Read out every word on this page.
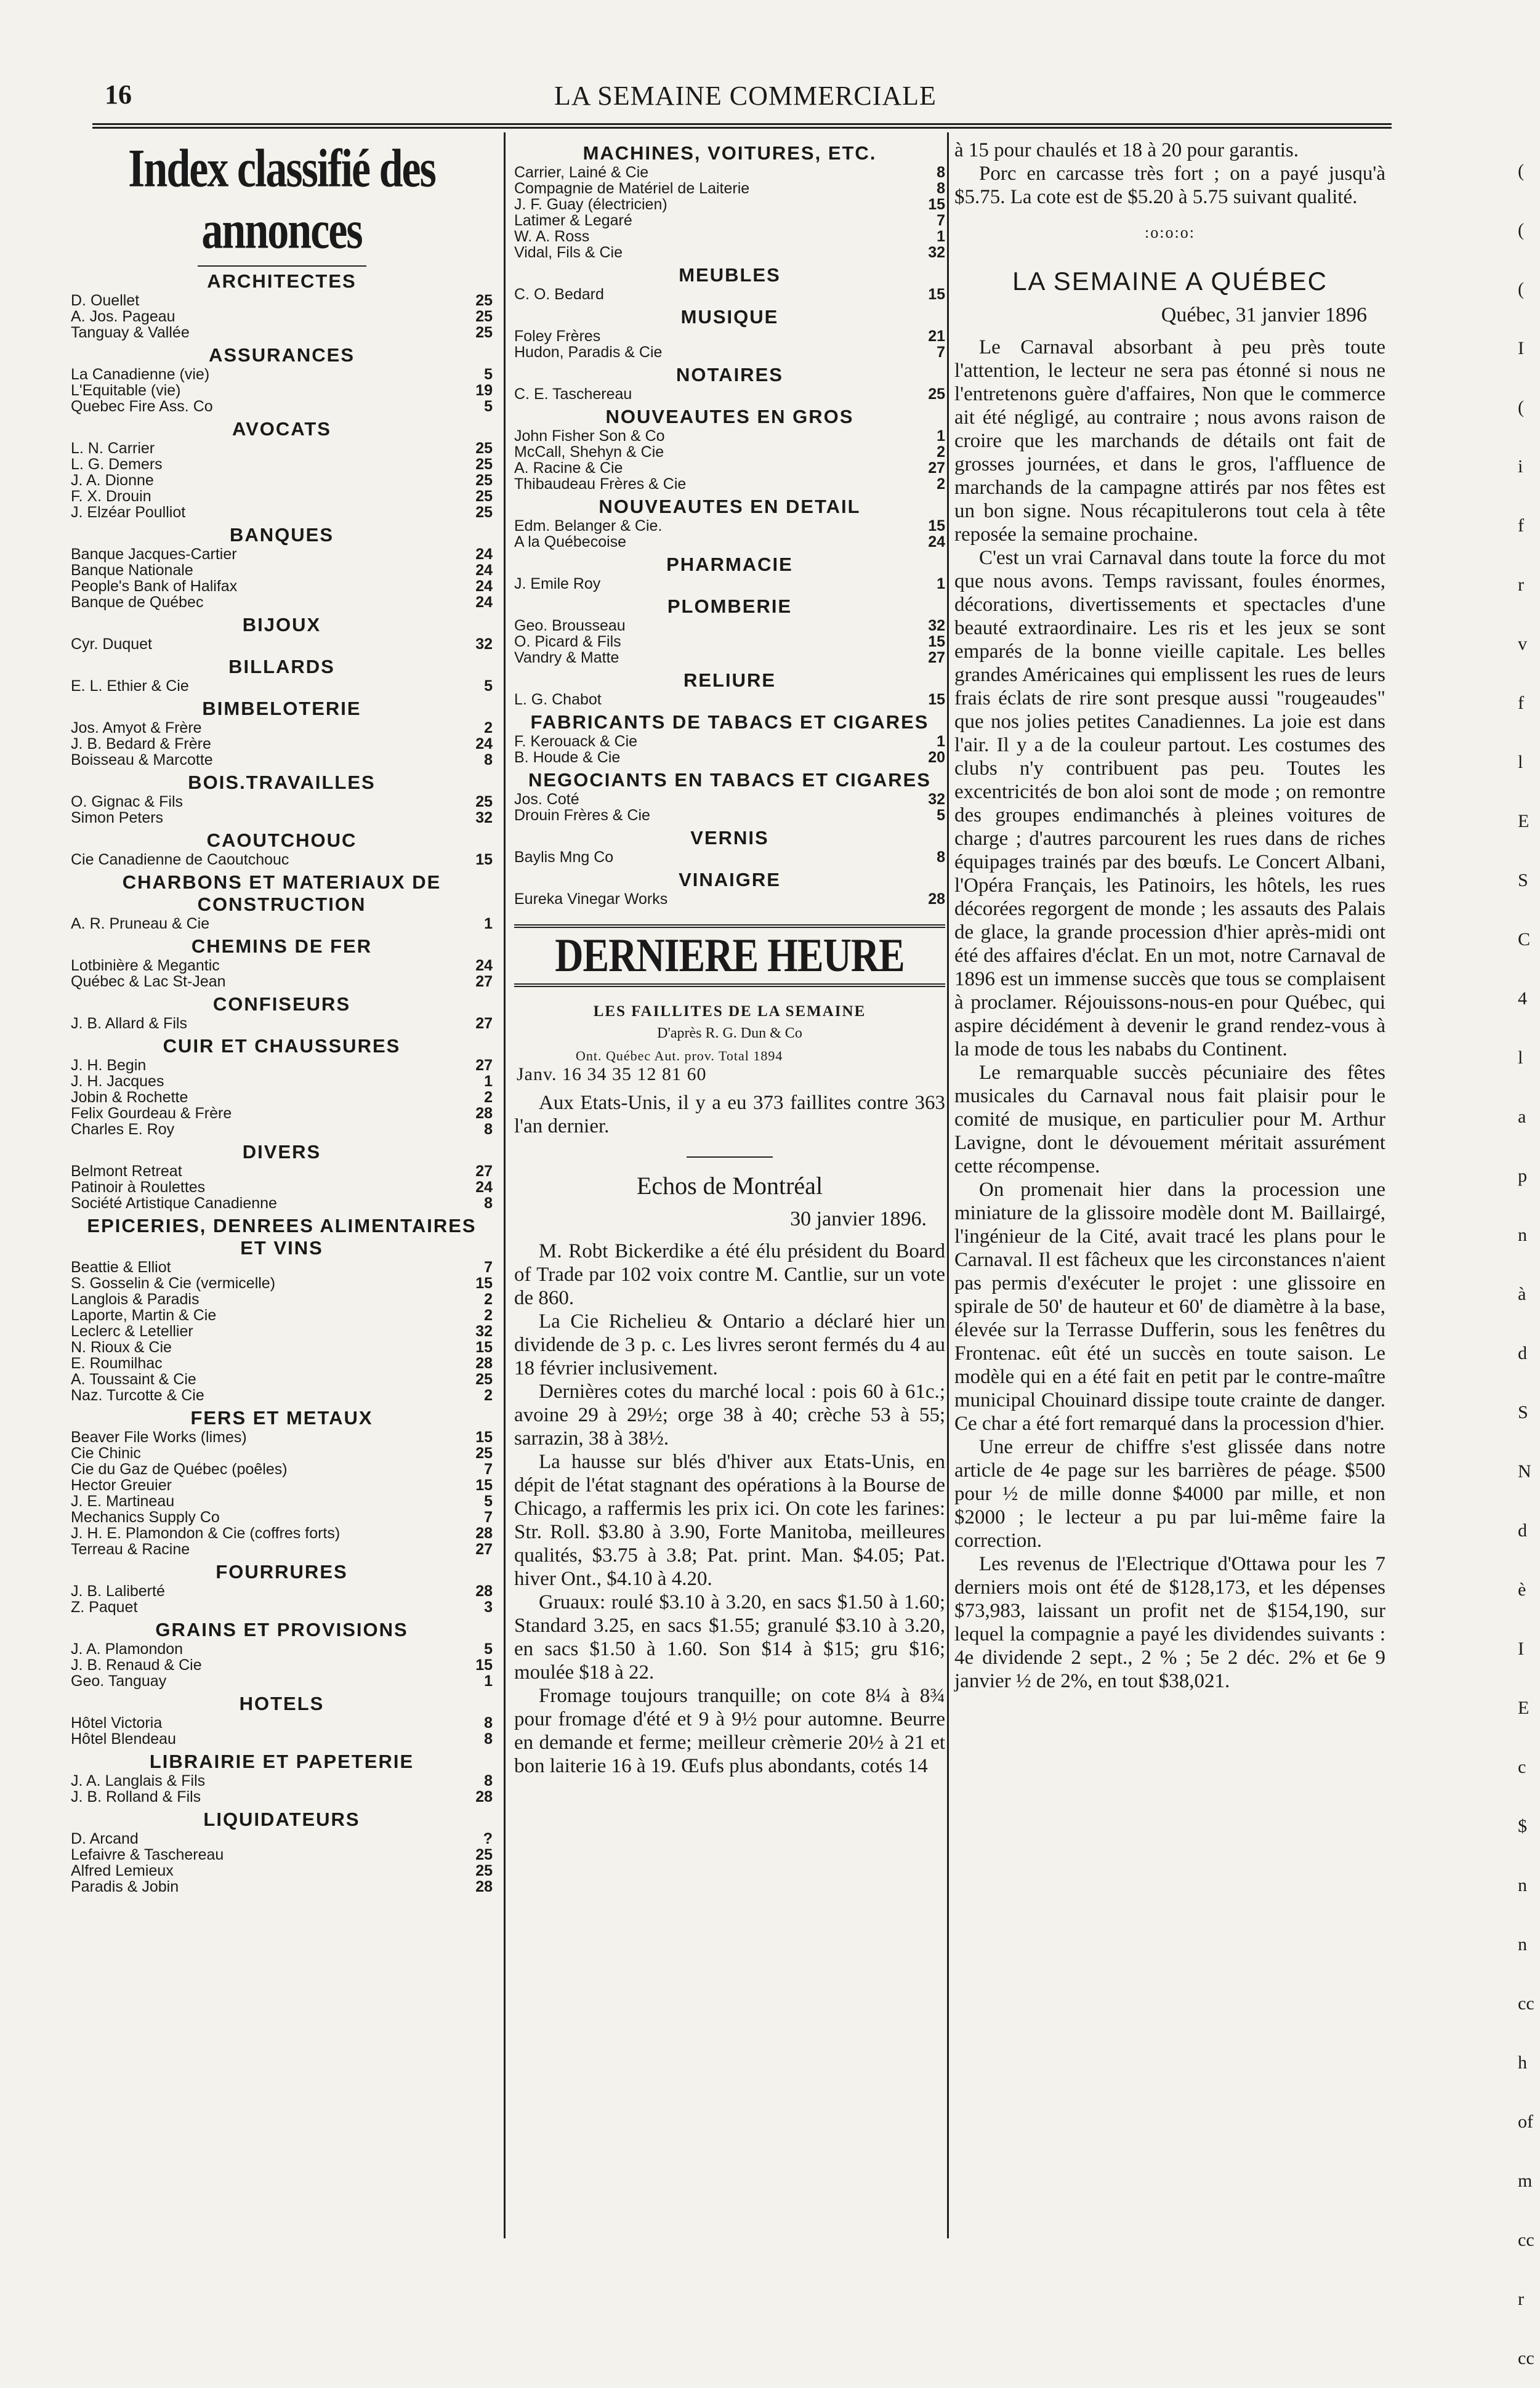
16	LA SEMAINE COMMERCIALE
Index classifié des annonces
ARCHITECTES
D. Ouellet	25
A. Jos. Pageau	25
Tanguay & Vallée	25
ASSURANCES
La Canadienne (vie)	5
L'Equitable (vie)	19
Quebec Fire Ass. Co	5
AVOCATS
L. N. Carrier	25
L. G. Demers	25
J. A. Dionne	25
F. X. Drouin	25
J. Elzéar Poulliot	25
BANQUES
Banque Jacques-Cartier	24
Banque Nationale	24
People's Bank of Halifax	24
Banque de Québec	24
BIJOUX
Cyr. Duquet	32
BILLARDS
E. L. Ethier & Cie	5
BIMBELOTERIE
Jos. Amyot & Frère	2
J. B. Bedard & Frère	24
Boisseau & Marcotte	8
BOIS.TRAVAILLES
O. Gignac & Fils	25
Simon Peters	32
CAOUTCHOUC
Cie Canadienne de Caoutchouc	15
CHARBONS ET MATERIAUX DE CONSTRUCTION
A. R. Pruneau & Cie	1
CHEMINS DE FER
Lotbinière & Megantic	24
Québec & Lac St-Jean	27
CONFISEURS
J. B. Allard & Fils	27
CUIR ET CHAUSSURES
J. H. Begin	27
J. H. Jacques	1
Jobin & Rochette	2
Felix Gourdeau & Frère	28
Charles E. Roy	8
DIVERS
Belmont Retreat	27
Patinoir à Roulettes	24
Société Artistique Canadienne	8
EPICERIES, DENREES ALIMENTAIRES ET VINS
Beattie & Elliot	7
S. Gosselin & Cie (vermicelle)	15
Langlois & Paradis	2
Laporte, Martin & Cie	2
Leclerc & Letellier	32
N. Rioux & Cie	15
E. Roumilhac	28
A. Toussaint & Cie	25
Naz. Turcotte & Cie	2
FERS ET METAUX
Beaver File Works (limes)	15
Cie Chinic	25
Cie du Gaz de Québec (poêles)	7
Hector Greuier	15
J. E. Martineau	5
Mechanics Supply Co	7
J. H. E. Plamondon & Cie (coffres forts)	28
Terreau & Racine	27
FOURRURES
J. B. Laliberté	28
Z. Paquet	3
GRAINS ET PROVISIONS
J. A. Plamondon	5
J. B. Renaud & Cie	15
Geo. Tanguay	1
HOTELS
Hôtel Victoria	8
Hôtel Blendeau	8
LIBRAIRIE ET PAPETERIE
J. A. Langlais & Fils	8
J. B. Rolland & Fils	28
LIQUIDATEURS
D. Arcand	?
Lefaivre & Taschereau	25
Alfred Lemieux	25
Paradis & Jobin	28
MACHINES, VOITURES, ETC.
Carrier, Lainé & Cie	8
Compagnie de Matériel de Laiterie	8
J. F. Guay (électricien)	15
Latimer & Legaré	7
W. A. Ross	1
Vidal, Fils & Cie	32
MEUBLES
C. O. Bedard	15
MUSIQUE
Foley Frères	21
Hudon, Paradis & Cie	7
NOTAIRES
C. E. Taschereau	25
NOUVEAUTES EN GROS
John Fisher Son & Co	1
McCall, Shehyn & Cie	2
A. Racine & Cie	27
Thibaudeau Frères & Cie	2
NOUVEAUTES EN DETAIL
Edm. Belanger & Cie.	15
A la Québecoise	24
PHARMACIE
J. Emile Roy	1
PLOMBERIE
Geo. Brousseau	32
O. Picard & Fils	15
Vandry & Matte	27
RELIURE
L. G. Chabot	15
FABRICANTS DE TABACS ET CIGARES
F. Kerouack & Cie	1
B. Houde & Cie	20
NEGOCIANTS EN TABACS ET CIGARES
Jos. Coté	32
Drouin Frères & Cie	5
VERNIS
Baylis Mng Co	8
VINAIGRE
Eureka Vinegar Works	28
DERNIERE HEURE
LES FAILLITES DE LA SEMAINE
D'après R. G. Dun & Co
Ont. Québec Aut. prov. Total 1894
Janv. 16 34 35 12 81 60

Aux Etats-Unis, il y a eu 373 faillites contre 363 l'an dernier.

Echos de Montréal
30 janvier 1896.

M. Robt Bickerdike a été élu président du Board of Trade par 102 voix contre M. Cantlie, sur un vote de 860.

La Cie Richelieu & Ontario a déclaré hier un dividende de 3 p. c. Les livres seront fermés du 4 au 18 février inclusivement.

Dernières cotes du marché local : pois 60 à 61c.; avoine 29 à 29½; orge 38 à 40; crèche 53 à 55; sarrazin, 38 à 38½.

La hausse sur blés d'hiver aux Etats-Unis, en dépit de l'état stagnant des opérations à la Bourse de Chicago, a raffermis les prix ici. On cote les farines: Str. Roll. $3.80 à 3.90, Forte Manitoba, meilleures qualités, $3.75 à 3.8; Pat. print. Man. $4.05; Pat. hiver Ont., $4.10 à 4.20.

Gruaux: roulé $3.10 à 3.20, en sacs $1.50 à 1.60; Standard 3.25, en sacs $1.55; granulé $3.10 à 3.20, en sacs $1.50 à 1.60. Son $14 à $15; gru $16; moulée $18 à 22.

Fromage toujours tranquille; on cote 8¼ à 8¾ pour fromage d'été et 9 à 9½ pour automne. Beurre en demande et ferme; meilleur crèmerie 20½ à 21 et bon laiterie 16 à 19. Œufs plus abondants, cotés 14

à 15 pour chaulés et 18 à 20 pour garantis.

Porc en carcasse très fort ; on a payé jusqu'à $5.75. La cote est de $5.20 à 5.75 suivant qualité.

:o:o:o:
LA SEMAINE A QUÉBEC
Québec, 31 janvier 1896

Le Carnaval absorbant à peu près toute l'attention, le lecteur ne sera pas étonné si nous ne l'entretenons guère d'affaires, Non que le commerce ait été négligé, au contraire ; nous avons raison de croire que les marchands de détails ont fait de grosses journées, et dans le gros, l'affluence de marchands de la campagne attirés par nos fêtes est un bon signe. Nous récapitulerons tout cela à tête reposée la semaine prochaine.

C'est un vrai Carnaval dans toute la force du mot que nous avons. Temps ravissant, foules énormes, décorations, divertissements et spectacles d'une beauté extraordinaire. Les ris et les jeux se sont emparés de la bonne vieille capitale. Les belles grandes Américaines qui emplissent les rues de leurs frais éclats de rire sont presque aussi "rougeaudes" que nos jolies petites Canadiennes. La joie est dans l'air. Il y a de la couleur partout. Les costumes des clubs n'y contribuent pas peu. Toutes les excentricités de bon aloi sont de mode ; on remontre des groupes endimanchés à pleines voitures de charge ; d'autres parcourent les rues dans de riches équipages trainés par des bœufs. Le Concert Albani, l'Opéra Français, les Patinoirs, les hôtels, les rues décorées regorgent de monde ; les assauts des Palais de glace, la grande procession d'hier après-midi ont été des affaires d'éclat. En un mot, notre Carnaval de 1896 est un immense succès que tous se complaisent à proclamer. Réjouissons-nous-en pour Québec, qui aspire décidément à devenir le grand rendez-vous à la mode de tous les nababs du Continent.

Le remarquable succès pécuniaire des fêtes musicales du Carnaval nous fait plaisir pour le comité de musique, en particulier pour M. Arthur Lavigne, dont le dévouement méritait assurément cette récompense.

On promenait hier dans la procession une miniature de la glissoire modèle dont M. Baillairgé, l'ingénieur de la Cité, avait tracé les plans pour le Carnaval. Il est fâcheux que les circonstances n'aient pas permis d'exécuter le projet : une glissoire en spirale de 50' de hauteur et 60' de diamètre à la base, élevée sur la Terrasse Dufferin, sous les fenêtres du Frontenac. eût été un succès en toute saison. Le modèle qui en a été fait en petit par le contre-maître municipal Chouinard dissipe toute crainte de danger. Ce char a été fort remarqué dans la procession d'hier.

Une erreur de chiffre s'est glissée dans notre article de 4e page sur les barrières de péage. $500 pour ½ de mille donne $4000 par mille, et non $2000 ; le lecteur a pu par lui-même faire la correction.

Les revenus de l'Electrique d'Ottawa pour les 7 derniers mois ont été de $128,173, et les dépenses $73,983, laissant un profit net de $154,190, sur lequel la compagnie a payé les dividendes suivants : 4e dividende 2 sept., 2 % ; 5e 2 déc. 2% et 6e 9 janvier ½ de 2%, en tout $38,021.

(
(
(
I
(
i
f
r
v
f
l
E
S
C
4
l
a
p
n
à
d
S
N
d
è
I
E
c
$
n
n
cc
h
of
m
cc
r
cc
